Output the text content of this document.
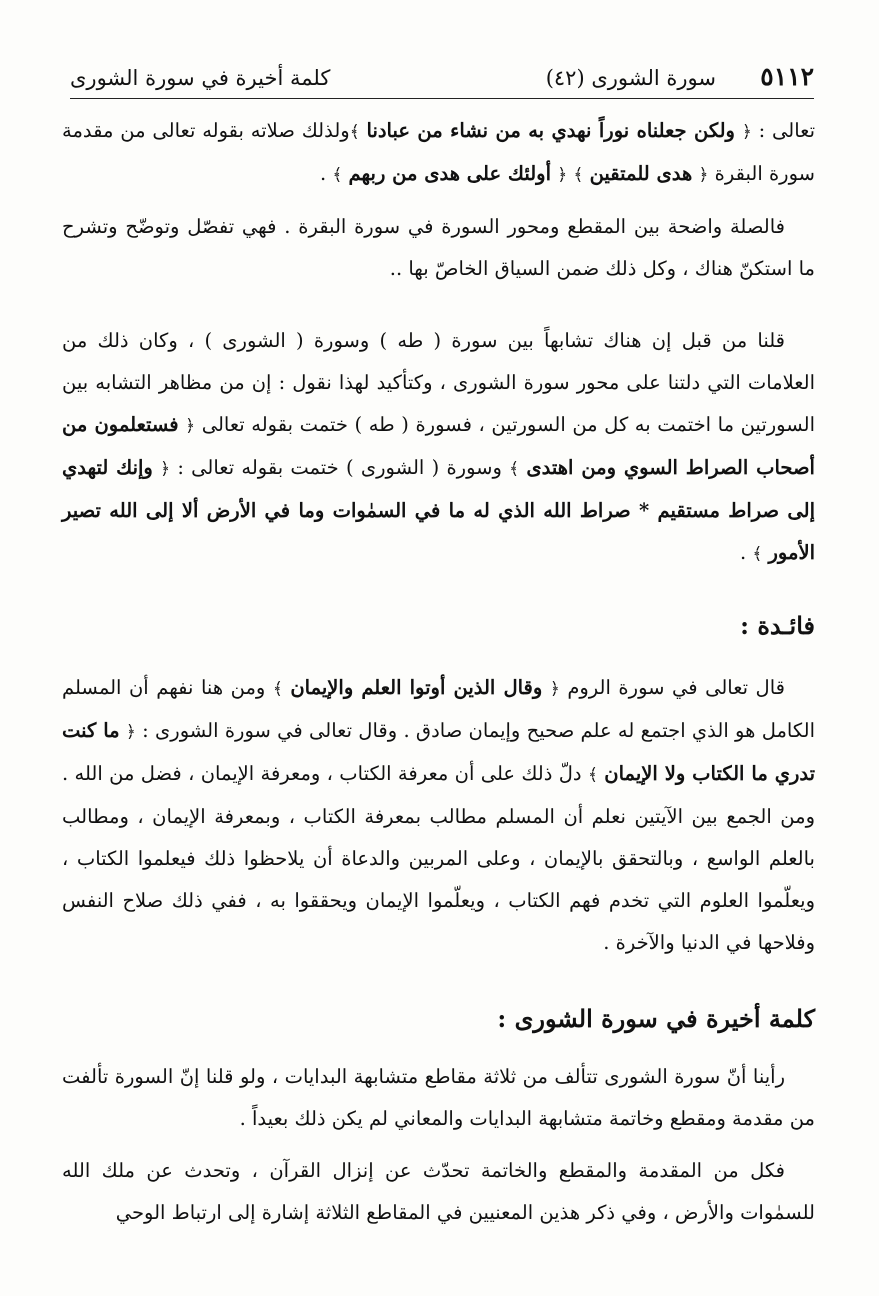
٥١١٢
سورة الشورى (٤٢)
كلمة أخيرة في سورة الشورى

تعالى : ﴿ ولكن جعلناه نوراً نهدي به من نشاء من عبادنا ﴾ولذلك صلاته بقوله تعالى من مقدمة سورة البقرة ﴿ هدى للمتقين ﴾ ﴿ أولئك على هدى من ربهم ﴾ .

فالصلة واضحة بين المقطع ومحور السورة في سورة البقرة . فهي تفصّل وتوضّح وتشرح ما استكنّ هناك ، وكل ذلك ضمن السياق الخاصّ بها ..

قلنا من قبل إن هناك تشابهاً بين سورة ( طه ) وسورة ( الشورى ) ، وكان ذلك من العلامات التي دلتنا على محور سورة الشورى ، وكتأكيد لهذا نقول : إن من مظاهر التشابه بين السورتين ما اختمت به كل من السورتين ، فسورة ( طه ) ختمت بقوله تعالى ﴿ فستعلمون من أصحاب الصراط السوي ومن اهتدى ﴾ وسورة ( الشورى ) ختمت بقوله تعالى : ﴿ وإنك لتهدي إلى صراط مستقيم * صراط الله الذي له ما في السمٰوات وما في الأرض ألا إلى الله تصير الأمور ﴾ .

فائـدة :

قال تعالى في سورة الروم ﴿ وقال الذين أوتوا العلم والإيمان ﴾ ومن هنا نفهم أن المسلم الكامل هو الذي اجتمع له علم صحيح وإيمان صادق . وقال تعالى في سورة الشورى : ﴿ ما كنت تدري ما الكتاب ولا الإيمان ﴾ دلّ ذلك على أن معرفة الكتاب ، ومعرفة الإيمان ، فضل من الله . ومن الجمع بين الآيتين نعلم أن المسلم مطالب بمعرفة الكتاب ، وبمعرفة الإيمان ، ومطالب بالعلم الواسع ، وبالتحقق بالإيمان ، وعلى المربين والدعاة أن يلاحظوا ذلك فيعلموا الكتاب ، ويعلّموا العلوم التي تخدم فهم الكتاب ، ويعلّموا الإيمان ويحققوا به ، ففي ذلك صلاح النفس وفلاحها في الدنيا والآخرة .

كلمة أخيرة في سورة الشورى :

رأينا أنّ سورة الشورى تتألف من ثلاثة مقاطع متشابهة البدايات ، ولو قلنا إنّ السورة تألفت من مقدمة ومقطع وخاتمة متشابهة البدايات والمعاني لم يكن ذلك بعيداً .

فكل من المقدمة والمقطع والخاتمة تحدّث عن إنزال القرآن ، وتحدث عن ملك الله للسمٰوات والأرض ، وفي ذكر هذين المعنيين في المقاطع الثلاثة إشارة إلى ارتباط الوحي
